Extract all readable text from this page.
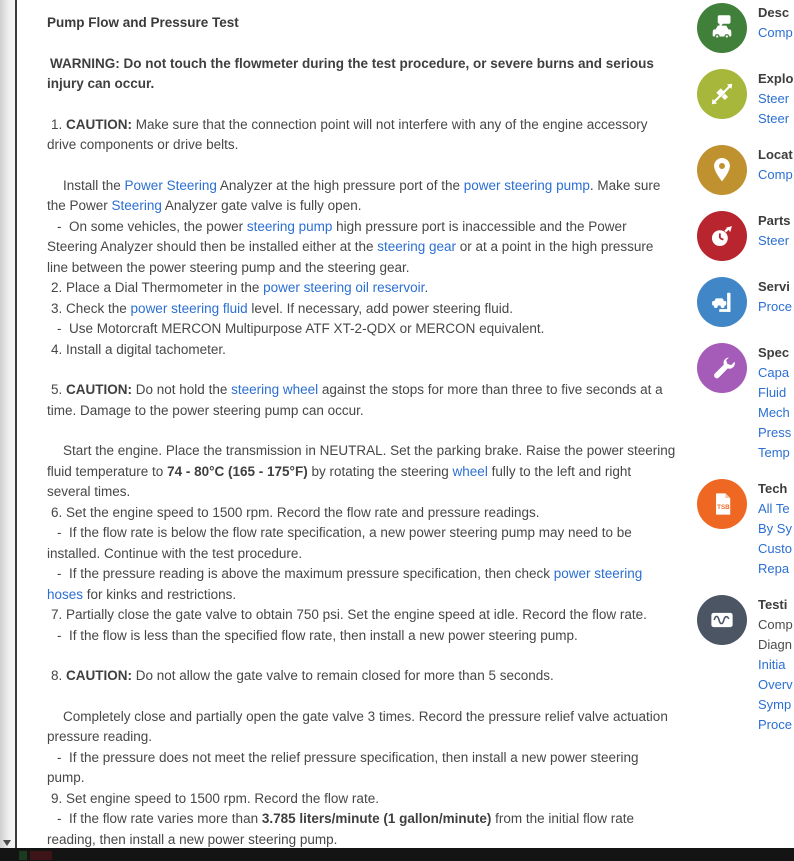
Pump Flow and Pressure Test
WARNING: Do not touch the flowmeter during the test procedure, or severe burns and serious injury can occur.
1. CAUTION: Make sure that the connection point will not interfere with any of the engine accessory drive components or drive belts.
Install the Power Steering Analyzer at the high pressure port of the power steering pump. Make sure the Power Steering Analyzer gate valve is fully open.
-  On some vehicles, the power steering pump high pressure port is inaccessible and the Power Steering Analyzer should then be installed either at the steering gear or at a point in the high pressure line between the power steering pump and the steering gear.
2. Place a Dial Thermometer in the power steering oil reservoir.
3. Check the power steering fluid level. If necessary, add power steering fluid.
-  Use Motorcraft MERCON Multipurpose ATF XT-2-QDX or MERCON equivalent.
4. Install a digital tachometer.
5. CAUTION: Do not hold the steering wheel against the stops for more than three to five seconds at a time. Damage to the power steering pump can occur.
Start the engine. Place the transmission in NEUTRAL. Set the parking brake. Raise the power steering fluid temperature to 74 - 80°C (165 - 175°F) by rotating the steering wheel fully to the left and right several times.
6. Set the engine speed to 1500 rpm. Record the flow rate and pressure readings.
-  If the flow rate is below the flow rate specification, a new power steering pump may need to be installed. Continue with the test procedure.
-  If the pressure reading is above the maximum pressure specification, then check power steering hoses for kinks and restrictions.
7. Partially close the gate valve to obtain 750 psi. Set the engine speed at idle. Record the flow rate.
-  If the flow is less than the specified flow rate, then install a new power steering pump.
8. CAUTION: Do not allow the gate valve to remain closed for more than 5 seconds.
Completely close and partially open the gate valve 3 times. Record the pressure relief valve actuation pressure reading.
-  If the pressure does not meet the relief pressure specification, then install a new power steering pump.
9. Set engine speed to 1500 rpm. Record the flow rate.
-  If the flow rate varies more than 3.785 liters/minute (1 gallon/minute) from the initial flow rate reading, then install a new power steering pump.
Desc
Comp
Explo
Steer
Steer
Locat
Comp
Parts
Steer
Servi
Proce
Spec
Capa
Fluid
Mech
Press
Temp
Tech
All Te
By Sy
Custo
Repa
Testi
Comp
Diagn
Initia
Overv
Symp
Proce
